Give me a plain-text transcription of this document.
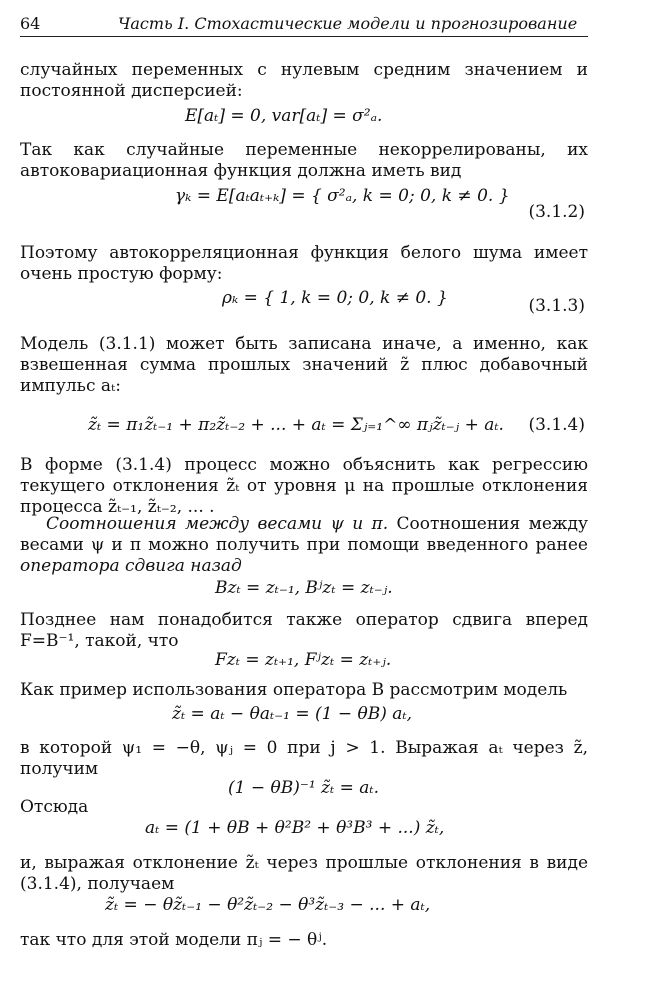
64	Часть I. Стохастические модели и прогнозирование
случайных переменных с нулевым средним значением и постоянной дисперсией:
E[aₜ] = 0, var[aₜ] = σ²ₐ.
Так как случайные переменные некоррелированы, их автоковариационная функция должна иметь вид
γₖ = E[aₜaₜ₊ₖ] = { σ²ₐ, k = 0; 0, k ≠ 0. }
(3.1.2)
Поэтому автокорреляционная функция белого шума имеет очень простую форму:
ρₖ = { 1, k = 0; 0, k ≠ 0. }	(3.1.3)
Модель (3.1.1) может быть записана иначе, а именно, как взвешенная сумма прошлых значений z̃ плюс добавочный импульс aₜ:
z̃ₜ = π₁z̃ₜ₋₁ + π₂z̃ₜ₋₂ + ... + aₜ = Σⱼ₌₁^∞ πⱼz̃ₜ₋ⱼ + aₜ. (3.1.4)
В форме (3.1.4) процесс можно объяснить как регрессию текущего отклонения z̃ₜ от уровня μ на прошлые отклонения процесса z̃ₜ₋₁, z̃ₜ₋₂, ... .
Соотношения между весами ψ и π. Соотношения между весами ψ и π можно получить при помощи введенного ранее оператора сдвига назад
Bzₜ = zₜ₋₁, Bʲzₜ = zₜ₋ⱼ.
Позднее нам понадобится также оператор сдвига вперед F=B⁻¹, такой, что
Fzₜ = zₜ₊₁, Fʲzₜ = zₜ₊ⱼ.
Как пример использования оператора B рассмотрим модель
z̃ₜ = aₜ − θaₜ₋₁ = (1 − θB) aₜ,
в которой ψ₁ = −θ, ψⱼ = 0 при j > 1. Выражая aₜ через z̃, получим
(1 − θB)⁻¹ z̃ₜ = aₜ.
Отсюда
aₜ = (1 + θB + θ²B² + θ³B³ + ...) z̃ₜ,
и, выражая отклонение z̃ₜ через прошлые отклонения в виде (3.1.4), получаем
z̃ₜ = − θz̃ₜ₋₁ − θ²z̃ₜ₋₂ − θ³z̃ₜ₋₃ − ... + aₜ,
так что для этой модели πⱼ = − θʲ.
